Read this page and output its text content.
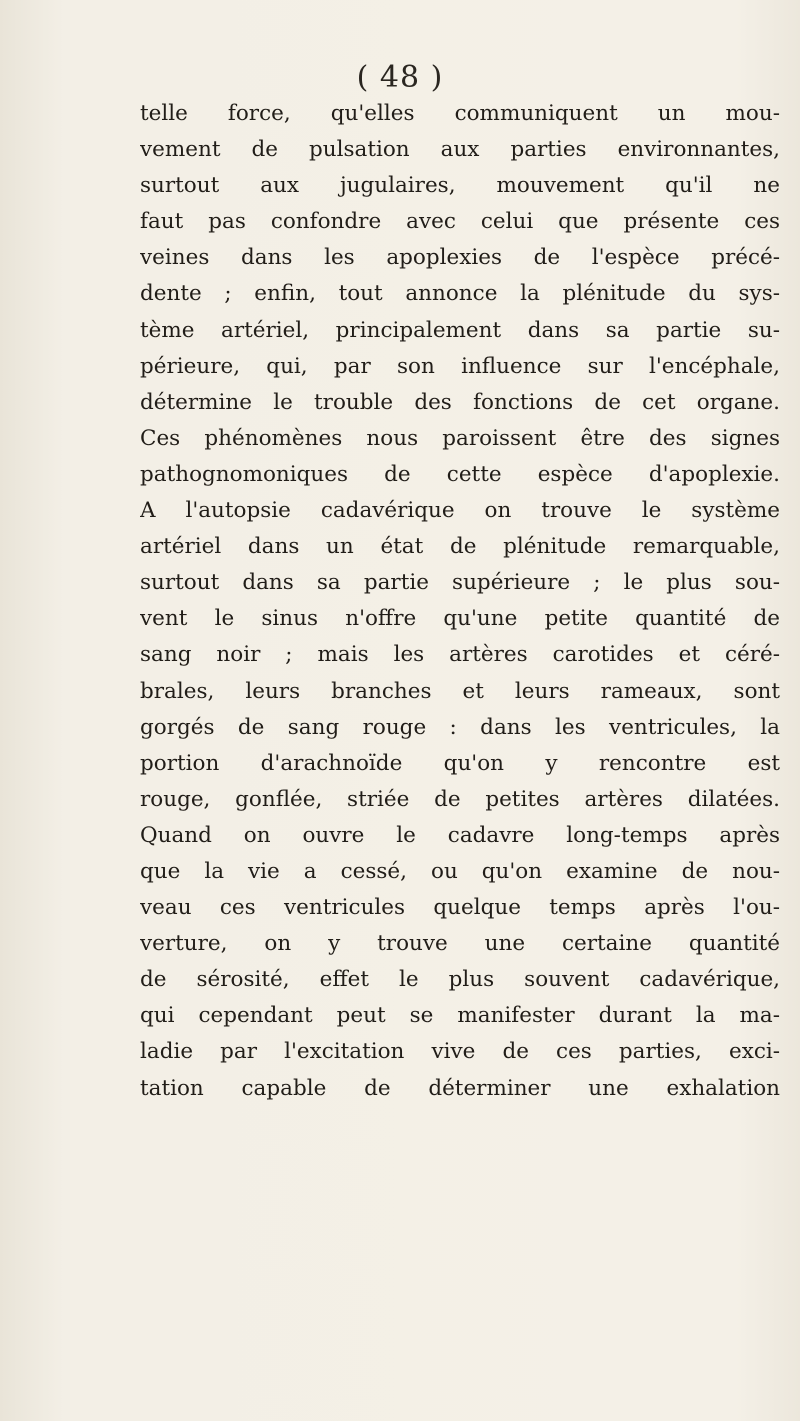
( 48 )
telle force, qu'elles communiquent un mou-
vement de pulsation aux parties environnantes,
surtout aux jugulaires, mouvement qu'il ne
faut pas confondre avec celui que présente ces
veines dans les apoplexies de l'espèce précé-
dente ; enfin, tout annonce la plénitude du sys-
tème artériel, principalement dans sa partie su-
périeure, qui, par son influence sur l'encéphale,
détermine le trouble des fonctions de cet organe.
Ces phénomènes nous paroissent être des signes
pathognomoniques de cette espèce d'apoplexie.
A l'autopsie cadavérique on trouve le système
artériel dans un état de plénitude remarquable,
surtout dans sa partie supérieure ; le plus sou-
vent le sinus n'offre qu'une petite quantité de
sang noir ; mais les artères carotides et céré-
brales, leurs branches et leurs rameaux, sont
gorgés de sang rouge : dans les ventricules, la
portion d'arachnoïde qu'on y rencontre est
rouge, gonflée, striée de petites artères dilatées.
Quand on ouvre le cadavre long-temps après
que la vie a cessé, ou qu'on examine de nou-
veau ces ventricules quelque temps après l'ou-
verture, on y trouve une certaine quantité
de sérosité, effet le plus souvent cadavérique,
qui cependant peut se manifester durant la ma-
ladie par l'excitation vive de ces parties, exci-
tation capable de déterminer une exhalation
